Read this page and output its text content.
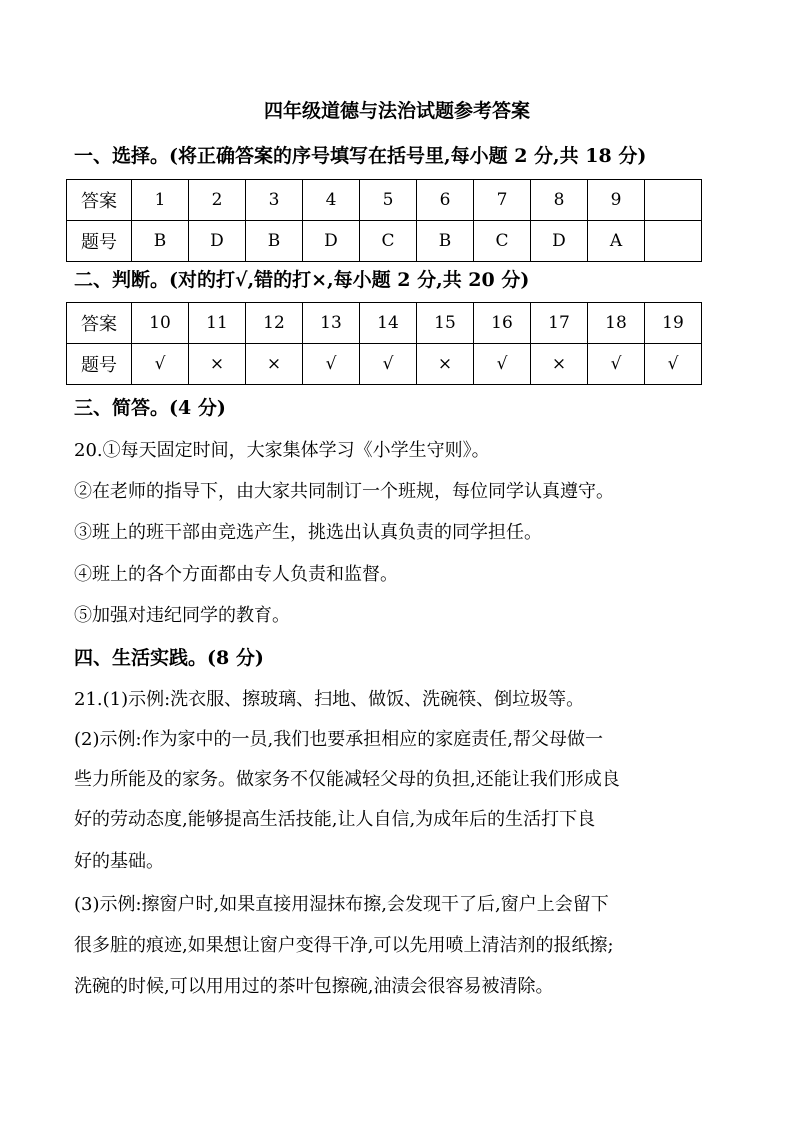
四年级道德与法治试题参考答案
一、选择。(将正确答案的序号填写在括号里,每小题 2 分,共 18 分)
答案	1	2	3	4	5	6	7	8	9	
题号	B	D	B	D	C	B	C	D	A	
二、判断。(对的打√,错的打×,每小题 2 分,共 20 分)
答案	10	11	12	13	14	15	16	17	18	19
题号	√	×	×	√	√	×	√	×	√	√
三、简答。(4 分)
20.①每天固定时间，大家集体学习《小学生守则》。
②在老师的指导下，由大家共同制订一个班规，每位同学认真遵守。
③班上的班干部由竞选产生，挑选出认真负责的同学担任。
④班上的各个方面都由专人负责和监督。
⑤加强对违纪同学的教育。
四、生活实践。(8 分)
21.(1)示例:洗衣服、擦玻璃、扫地、做饭、洗碗筷、倒垃圾等。
(2)示例:作为家中的一员,我们也要承担相应的家庭责任,帮父母做一
些力所能及的家务。做家务不仅能减轻父母的负担,还能让我们形成良
好的劳动态度,能够提高生活技能,让人自信,为成年后的生活打下良
好的基础。
(3)示例:擦窗户时,如果直接用湿抹布擦,会发现干了后,窗户上会留下
很多脏的痕迹,如果想让窗户变得干净,可以先用喷上清洁剂的报纸擦;
洗碗的时候,可以用用过的茶叶包擦碗,油渍会很容易被清除。
